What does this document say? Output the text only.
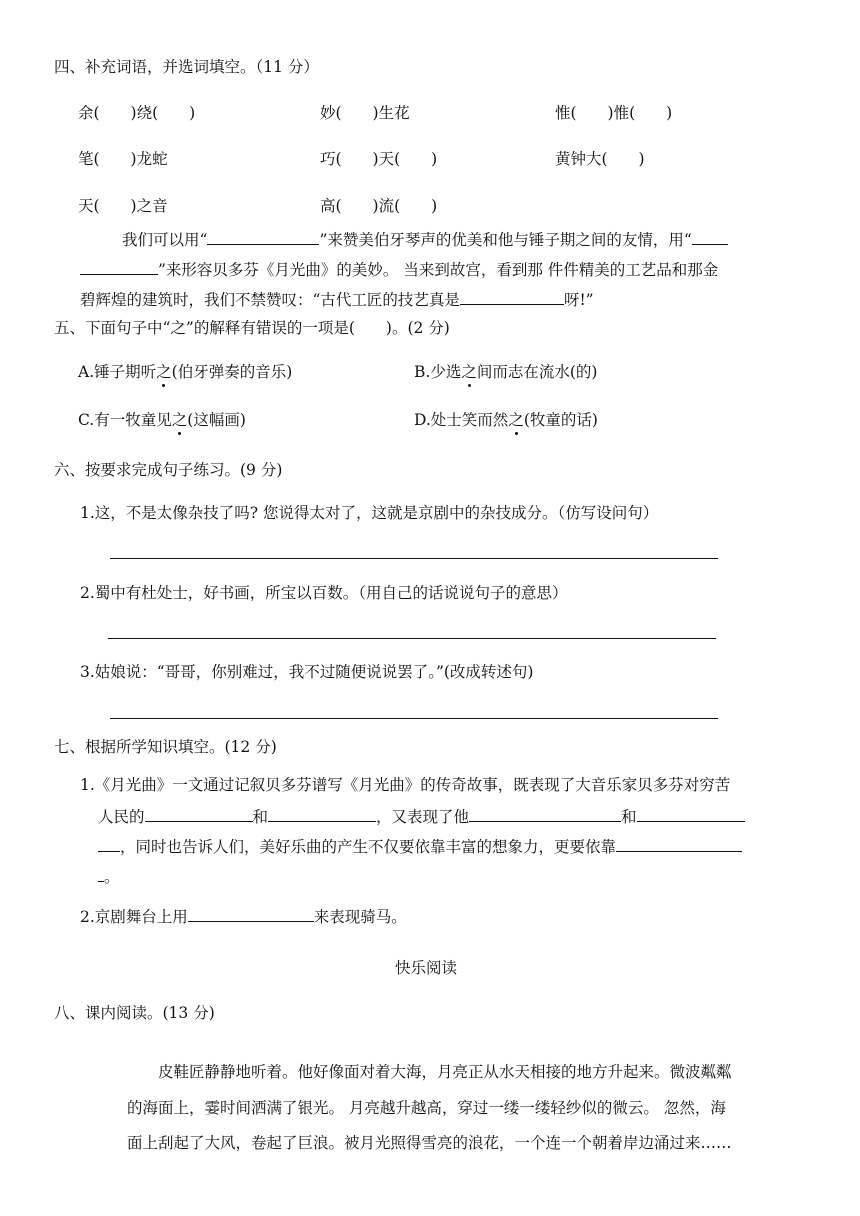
四、补充词语，并选词填空。（11 分）
余(　　)绕(　　)	妙(　　)生花	惟(　　)惟(　　)
笔(　　)龙蛇	巧(　　)天(　　)	黄钟大(　　)
天(　　)之音	高(　　)流(　　)
我们可以用“	”来赞美伯牙琴声的优美和他与锤子期之间的友情，用“
”来形容贝多芬《月光曲》的美妙。 当来到故宫，看到那 件件精美的工艺品和那金
碧辉煌的建筑时，我们不禁赞叹：“古代工匠的技艺真是	呀!”
五、下面句子中“之”的解释有错误的一项是(　　)。(2 分)
A.锤子期听之(伯牙弹奏的音乐)	B.少选之间而志在流水(的)
C.有一牧童见之(这幅画)	D.处士笑而然之(牧童的话)
六、按要求完成句子练习。(9 分)
1.这，不是太像杂技了吗? 您说得太对了，这就是京剧中的杂技成分。（仿写设问句）
2.蜀中有杜处士，好书画，所宝以百数。（用自己的话说说句子的意思）
3.姑娘说：“哥哥，你别难过，我不过随便说说罢了。”(改成转述句)
七、根据所学知识填空。(12 分)
1.《月光曲》一文通过记叙贝多芬谱写《月光曲》的传奇故事，既表现了大音乐家贝多芬对穷苦
人民的	和	，又表现了他	和
，同时也告诉人们，美好乐曲的产生不仅要依靠丰富的想象力，更要依靠
。
2.京剧舞台上用	来表现骑马。
快乐阅读
八、课内阅读。(13 分)
皮鞋匠静静地听着。他好像面对着大海，月亮正从水天相接的地方升起来。微波粼粼
的海面上，霎时间洒满了银光。 月亮越升越高，穿过一缕一缕轻纱似的微云。 忽然，海
面上刮起了大风，卷起了巨浪。被月光照得雪亮的浪花，一个连一个朝着岸边涌过来……
